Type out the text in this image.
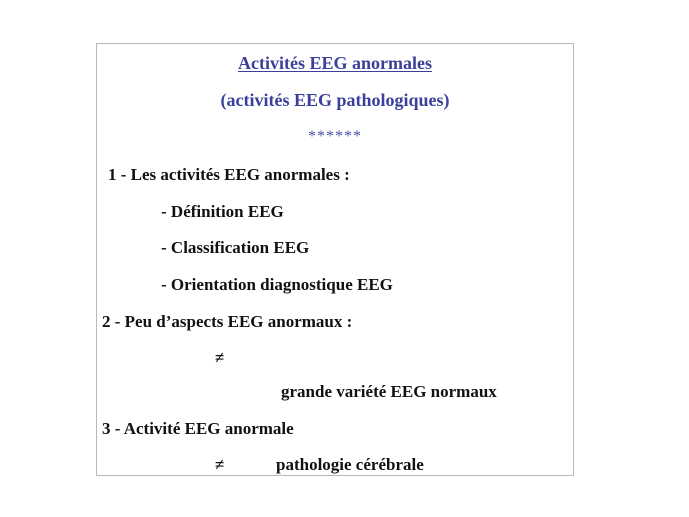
Activités EEG anormales
(activités EEG pathologiques)
******
1 - Les activités EEG anormales :
- Définition EEG
- Classification EEG
- Orientation diagnostique EEG
2 - Peu d’aspects EEG anormaux :
≠
grande variété EEG normaux
3 - Activité EEG anormale
≠	pathologie cérébrale
